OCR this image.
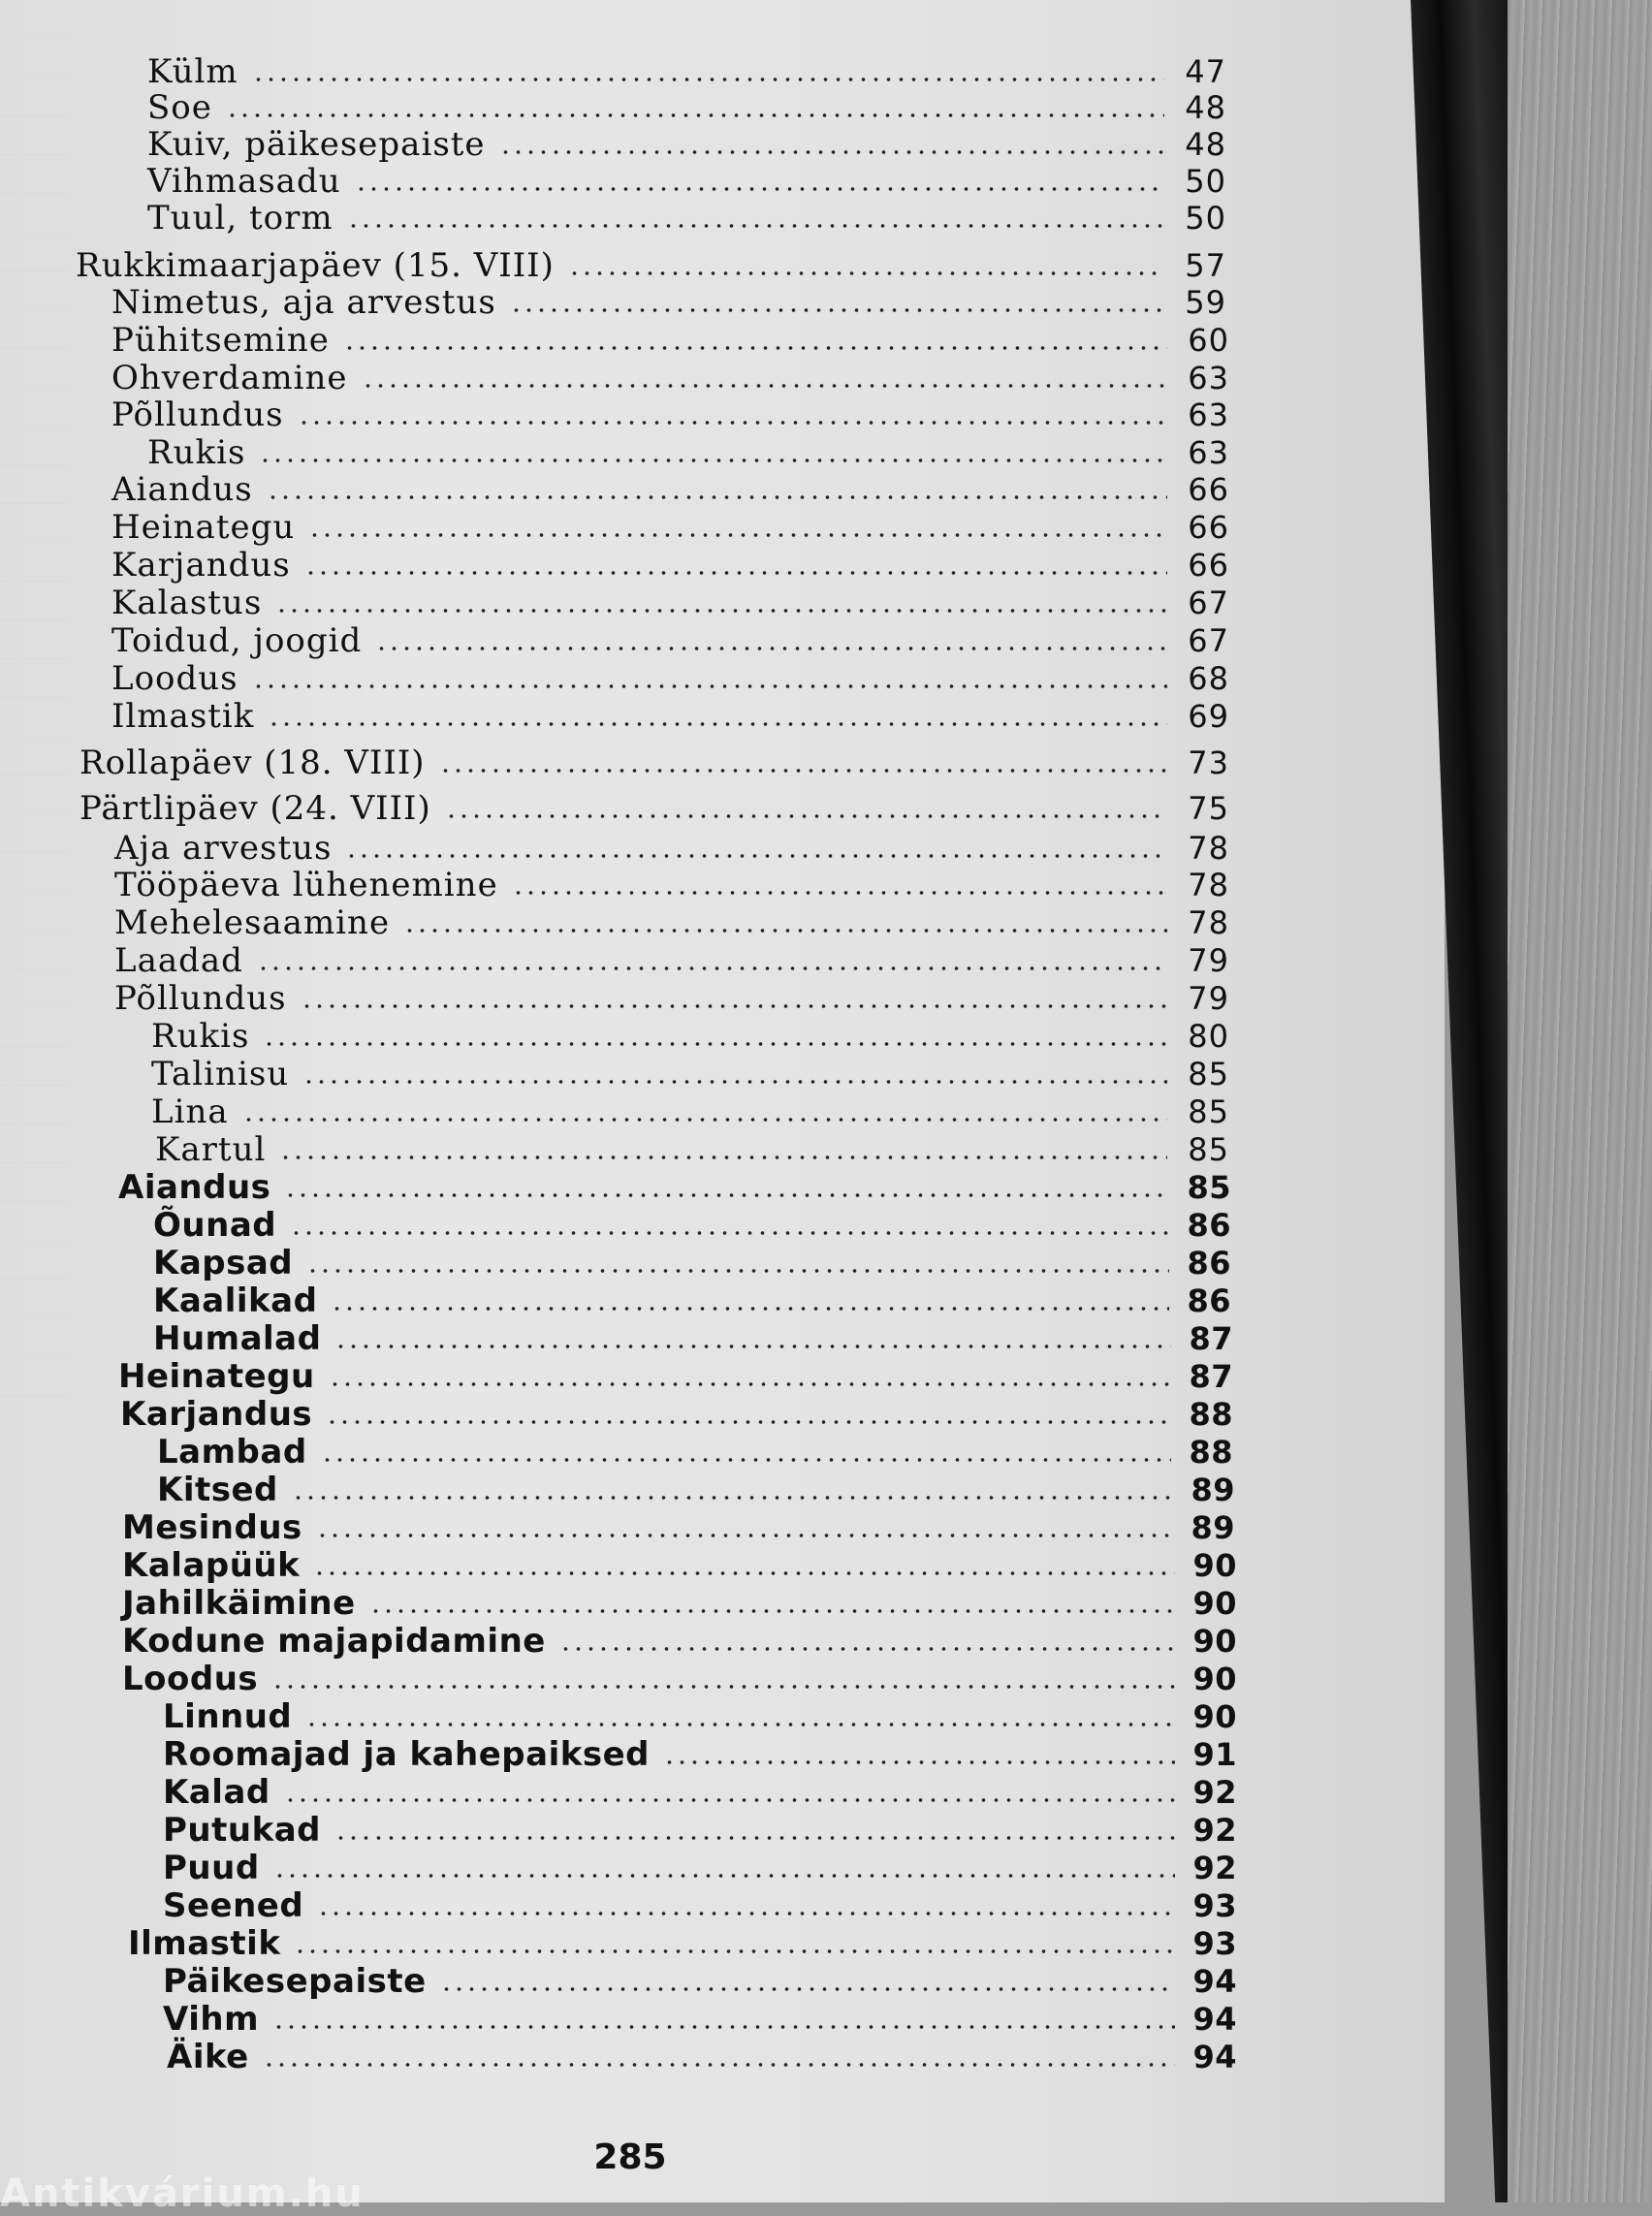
Külm	47
Soe	48
Kuiv, päikesepaiste	48
Vihmasadu	50
Tuul, torm	50
Rukkimaarjapäev (15. VIII)	57
Nimetus, aja arvestus	59
Pühitsemine	60
Ohverdamine	63
Põllundus	63
Rukis	63
Aiandus	66
Heinategu	66
Karjandus	66
Kalastus	67
Toidud, joogid	67
Loodus	68
Ilmastik	69
Rollapäev (18. VIII)	73
Pärtlipäev (24. VIII)	75
Aja arvestus	78
Tööpäeva lühenemine	78
Mehelesaamine	78
Laadad	79
Põllundus	79
Rukis	80
Talinisu	85
Lina	85
Kartul	85
Aiandus	85
Õunad	86
Kapsad	86
Kaalikad	86
Humalad	87
Heinategu	87
Karjandus	88
Lambad	88
Kitsed	89
Mesindus	89
Kalapüük	90
Jahilkäimine	90
Kodune majapidamine	90
Loodus	90
Linnud	90
Roomajad ja kahepaiksed	91
Kalad	92
Putukad	92
Puud	92
Seened	93
Ilmastik	93
Päikesepaiste	94
Vihm	94
Äike	94
285
Antikvárium.hu
